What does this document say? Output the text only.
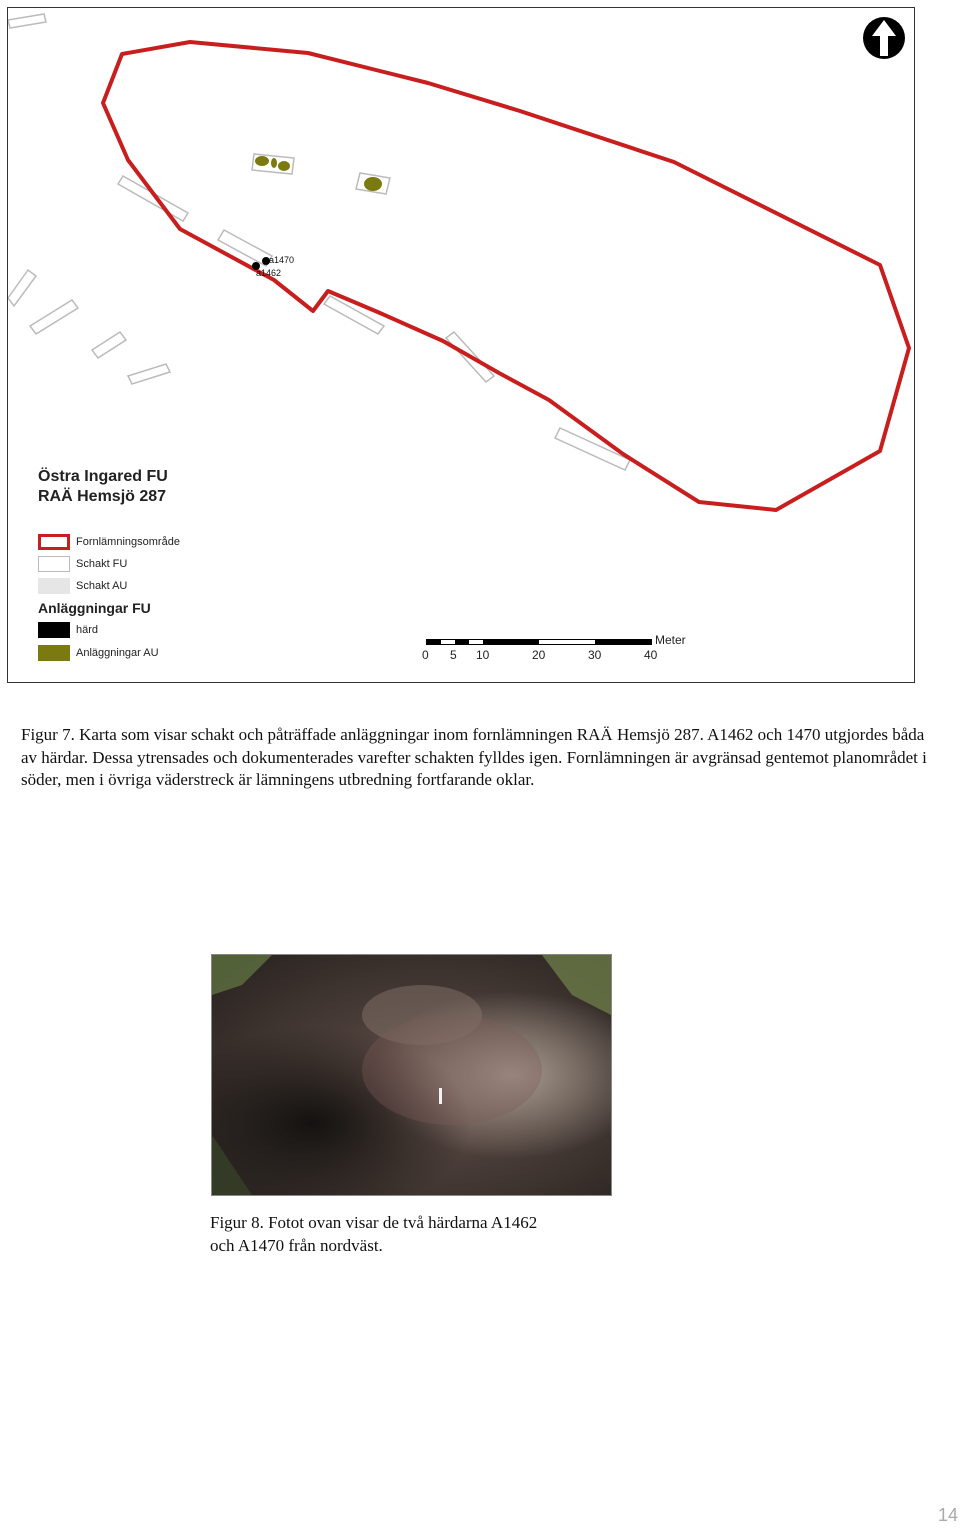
a1470
a1462

Östra Ingared FU

RAÄ Hemsjö 287

Fornlämningsområde
Schakt FU
Schakt AU
Anläggningar FU
härd
Anläggningar AU
Meter
0 5 10	20	30	40

Figur 7. Karta som visar schakt och påträffade anläggningar inom fornlämningen RAÄ Hemsjö 287. A1462 och 1470 utgjordes båda av härdar. Dessa ytrensades och dokumenterades varefter schakten fylldes igen. Fornlämningen är avgränsad gentemot planområdet i söder, men i övriga väderstreck är lämningens utbredning fortfarande oklar.

Figur 8. Fotot ovan visar de två härdarna A1462
och A1470 från nordväst.

14
